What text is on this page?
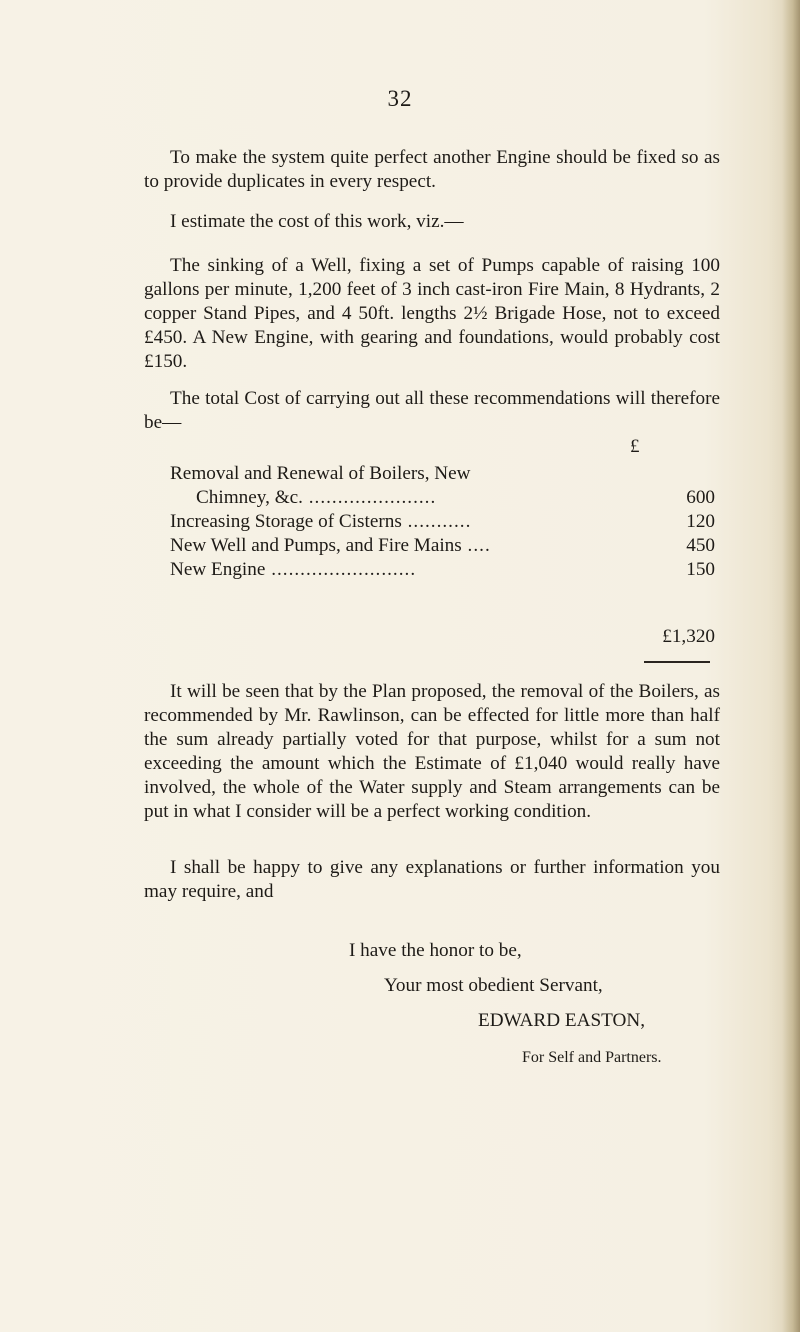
32

To make the system quite perfect another Engine should be fixed so as to provide duplicates in every respect.

I estimate the cost of this work, viz.—

The sinking of a Well, fixing a set of Pumps capable of raising 100 gallons per minute, 1,200 feet of 3 inch cast-iron Fire Main, 8 Hydrants, 2 copper Stand Pipes, and 4 50ft. lengths 2½ Brigade Hose, not to exceed £450. A New Engine, with gearing and foundations, would probably cost £150.

The total Cost of carrying out all these recommendations will therefore be—

£
Removal and Renewal of Boilers, New
Chimney, &c. ......................	600
Increasing Storage of Cisterns ...........	120
New Well and Pumps, and Fire Mains ....	450
New Engine .........................	150
£1,320

It will be seen that by the Plan proposed, the removal of the Boilers, as recommended by Mr. Rawlinson, can be effected for little more than half the sum already partially voted for that purpose, whilst for a sum not exceeding the amount which the Estimate of £1,040 would really have involved, the whole of the Water supply and Steam arrangements can be put in what I consider will be a perfect working condition.

I shall be happy to give any explanations or further information you may require, and

I have the honor to be,
Your most obedient Servant,
EDWARD EASTON,
For Self and Partners.
